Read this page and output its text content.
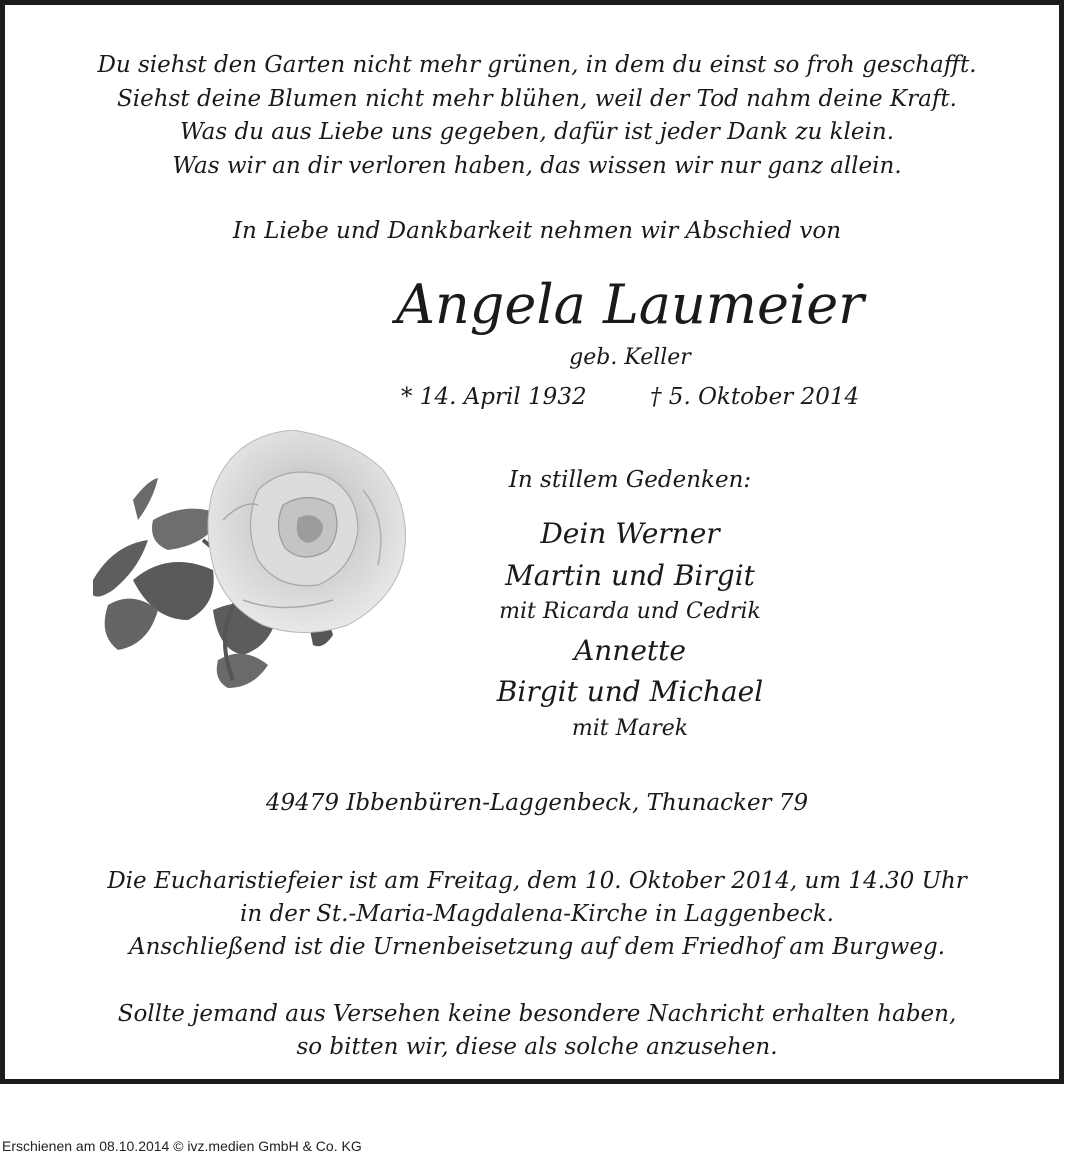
Du siehst den Garten nicht mehr grünen, in dem du einst so froh geschafft.
Siehst deine Blumen nicht mehr blühen, weil der Tod nahm deine Kraft.
Was du aus Liebe uns gegeben, dafür ist jeder Dank zu klein.
Was wir an dir verloren haben, das wissen wir nur ganz allein.
In Liebe und Dankbarkeit nehmen wir Abschied von
Angela Laumeier
geb. Keller
* 14. April 1932	† 5. Oktober 2014
In stillem Gedenken:
Dein Werner
Martin und Birgit
mit Ricarda und Cedrik
Annette
Birgit und Michael
mit Marek
49479 Ibbenbüren-Laggenbeck, Thunacker 79
Die Eucharistiefeier ist am Freitag, dem 10. Oktober 2014, um 14.30 Uhr
in der St.-Maria-Magdalena-Kirche in Laggenbeck.
Anschließend ist die Urnenbeisetzung auf dem Friedhof am Burgweg.
Sollte jemand aus Versehen keine besondere Nachricht erhalten haben,
so bitten wir, diese als solche anzusehen.
Erschienen am 08.10.2014 © ivz.medien GmbH & Co. KG
